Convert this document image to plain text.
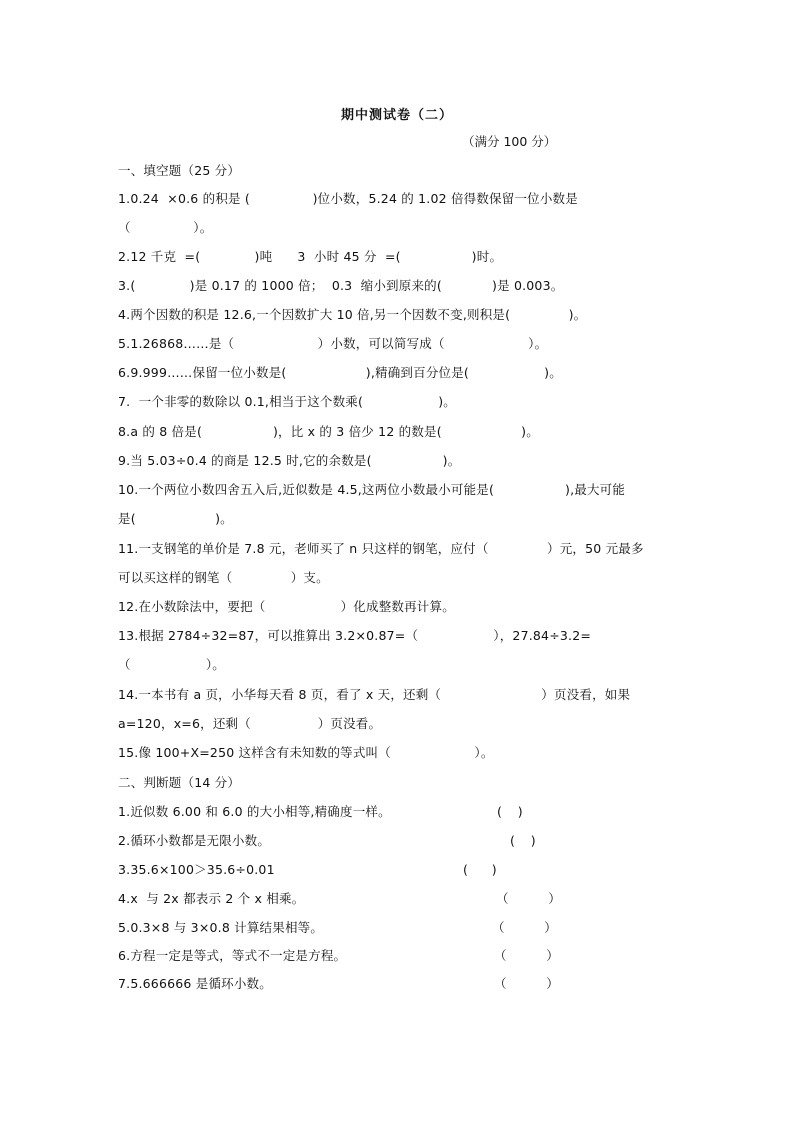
期中测试卷（二）
（满分 100 分）
一、填空题（25 分）
1.0.24  ×0.6 的积是 (               )位小数，5.24 的 1.02 倍得数保留一位小数是
（               ）。
2.12 千克  =(             )吨      3  小时 45 分  =(                 )时。
3.(             )是 0.17 的 1000 倍；  0.3  缩小到原来的(            )是 0.003。
4.两个因数的积是 12.6,一个因数扩大 10 倍,另一个因数不变,则积是(              )。
5.1.26868……是（                    ）小数，可以简写成（                    ）。
6.9.999……保留一位小数是(                   ),精确到百分位是(                  )。
7.  一个非零的数除以 0.1,相当于这个数乘(                  )。
8.a 的 8 倍是(                 )，比 x 的 3 倍少 12 的数是(                   )。
9.当 5.03÷0.4 的商是 12.5 时,它的余数是(                 )。
10.一个两位小数四舍五入后,近似数是 4.5,这两位小数最小可能是(                 ),最大可能
是(                   )。
11.一支钢笔的单价是 7.8 元，老师买了 n 只这样的钢笔，应付（              ）元，50 元最多
可以买这样的钢笔（              ）支。
12.在小数除法中，要把（                  ）化成整数再计算。
13.根据 2784÷32=87，可以推算出 3.2×0.87=（                  ），27.84÷3.2=
（                  ）。
14.一本书有 a 页，小华每天看 8 页，看了 x 天，还剩（                        ）页没看，如果
a=120，x=6，还剩（                ）页没看。
15.像 100+X=250 这样含有未知数的等式叫（                    ）。
二、判断题（14 分）
1.近似数 6.00 和 6.0 的大小相等,精确度一样。	(    )
2.循环小数都是无限小数。	(    )
3.35.6×100＞35.6÷0.01	(      )
4.x  与 2x 都表示 2 个 x 相乘。	（          ）
5.0.3×8 与 3×0.8 计算结果相等。	（          ）
6.方程一定是等式，等式不一定是方程。	（          ）
7.5.666666 是循环小数。	（          ）
